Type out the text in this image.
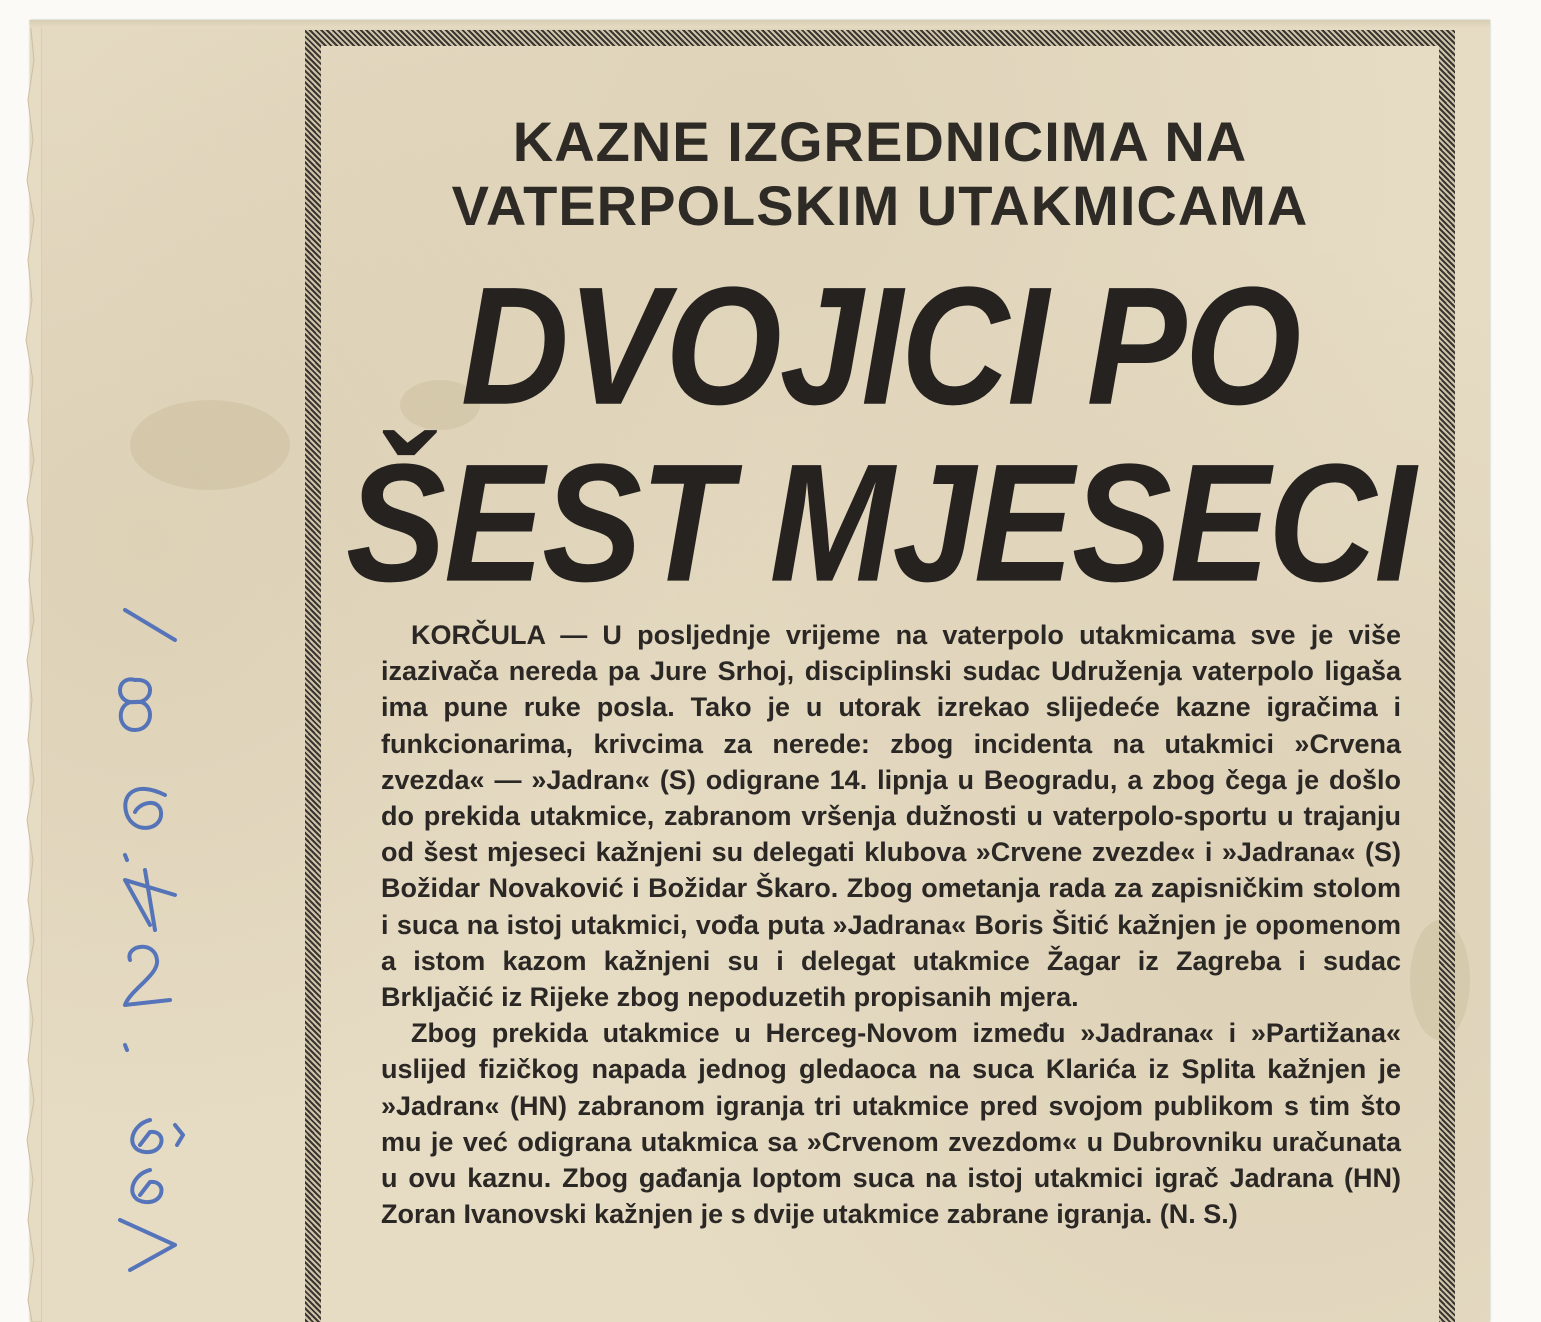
KAZNE IZGREDNICIMA NA
VATERPOLSKIM UTAKMICAMA
DVOJICI PO
ŠEST MJESECI

KORČULA — U posljednje vrijeme na vaterpolo utakmicama sve je više izazivača nereda pa Jure Srhoj, disciplinski sudac Udruženja vaterpolo ligaša ima pune ruke posla. Tako je u utorak izrekao slijedeće kazne igračima i funkcionarima, krivcima za nerede: zbog incidenta na utakmici »Crvena zvezda« — »Jadran« (S) odigrane 14. lipnja u Beogradu, a zbog čega je došlo do prekida utakmice, zabranom vršenja dužnosti u vaterpolo-sportu u trajanju od šest mjeseci kažnjeni su delegati klubova »Crvene zvezde« i »Jadrana« (S) Božidar Novaković i Božidar Škaro. Zbog ometanja rada za zapisničkim stolom i suca na istoj utakmici, vođa puta »Jadrana« Boris Šitić kažnjen je opomenom a istom kazom kažnjeni su i delegat utakmice Žagar iz Zagreba i sudac Brkljačić iz Rijeke zbog nepoduzetih propisanih mjera.

Zbog prekida utakmice u Herceg-Novom između »Jadrana« i »Partižana« uslijed fizičkog napada jednog gledaoca na suca Klarića iz Splita kažnjen je »Jadran« (HN) zabranom igranja tri utakmice pred svojom publikom s tim što mu je već odigrana utakmica sa »Crvenom zvezdom« u Dubrovniku uračunata u ovu kaznu. Zbog gađanja loptom suca na istoj utakmici igrač Jadrana (HN) Zoran Ivanovski kažnjen je s dvije utakmice zabrane igranja. (N. S.)
